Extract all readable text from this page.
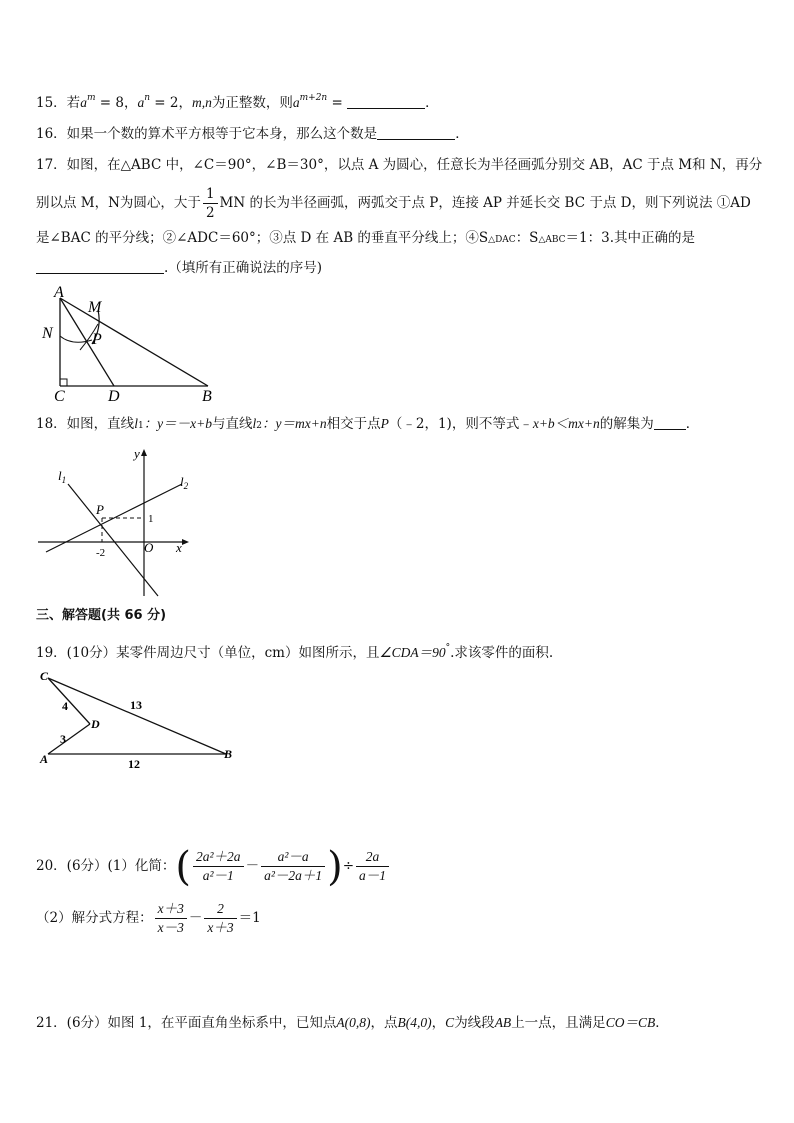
15．若$a^m = 8$，$a^n = 2$，m,n为正整数，则$a^{m+2n}$ =	．
16．如果一个数的算术平方根等于它本身，那么这个数是	．
17．如图，在△ABC 中，∠C＝90°，∠B＝30°，以点 A 为圆心，任意长为半径画弧分别交 AB，AC 于点 M和 N，再分
别以点 M，N为圆心，大于 $\frac{1}{2}$ MN 的长为半径画弧，两弧交于点 P，连接 AP 并延长交 BC 于点 D，则下列说法 ①AD
是∠BAC 的平分线；②∠ADC＝60°；③点 D 在 AB 的垂直平分线上；④S△DAC：S△ABC＝1：3.其中正确的是
.（填所有正确说法的序号)
A
M
N P
C	D	B
18．如图，直线l1：y＝－x+b与直线l2：y＝mx+n相交于点P（﹣2，1)，则不等式﹣x+b＜mx+n的解集为 ．
y
x
O
P
-2
1
$l_1$	$l_2$
三、解答题(共 66 分)
19．(10分）某零件周边尺寸（单位，cm）如图所示，且∠CDA＝90°.求该零件的面积.
C
D
A	B
4
3
13
12
20．(6分）(1）化简：( $\frac{\text{2a²＋2a}}{\text{a²－1}} - \frac{\text{a²－a}}{\text{a²－2a＋1}}$ )÷ $\frac{2a}{a-1}$
（2）解分式方程： $\frac{x+3}{x-3} - \frac{2}{x+3} =1$
21．(6分）如图 1，在平面直角坐标系中，已知点A(0,8)，点B(4,0)，C为线段AB上一点，且满足CO＝CB．
